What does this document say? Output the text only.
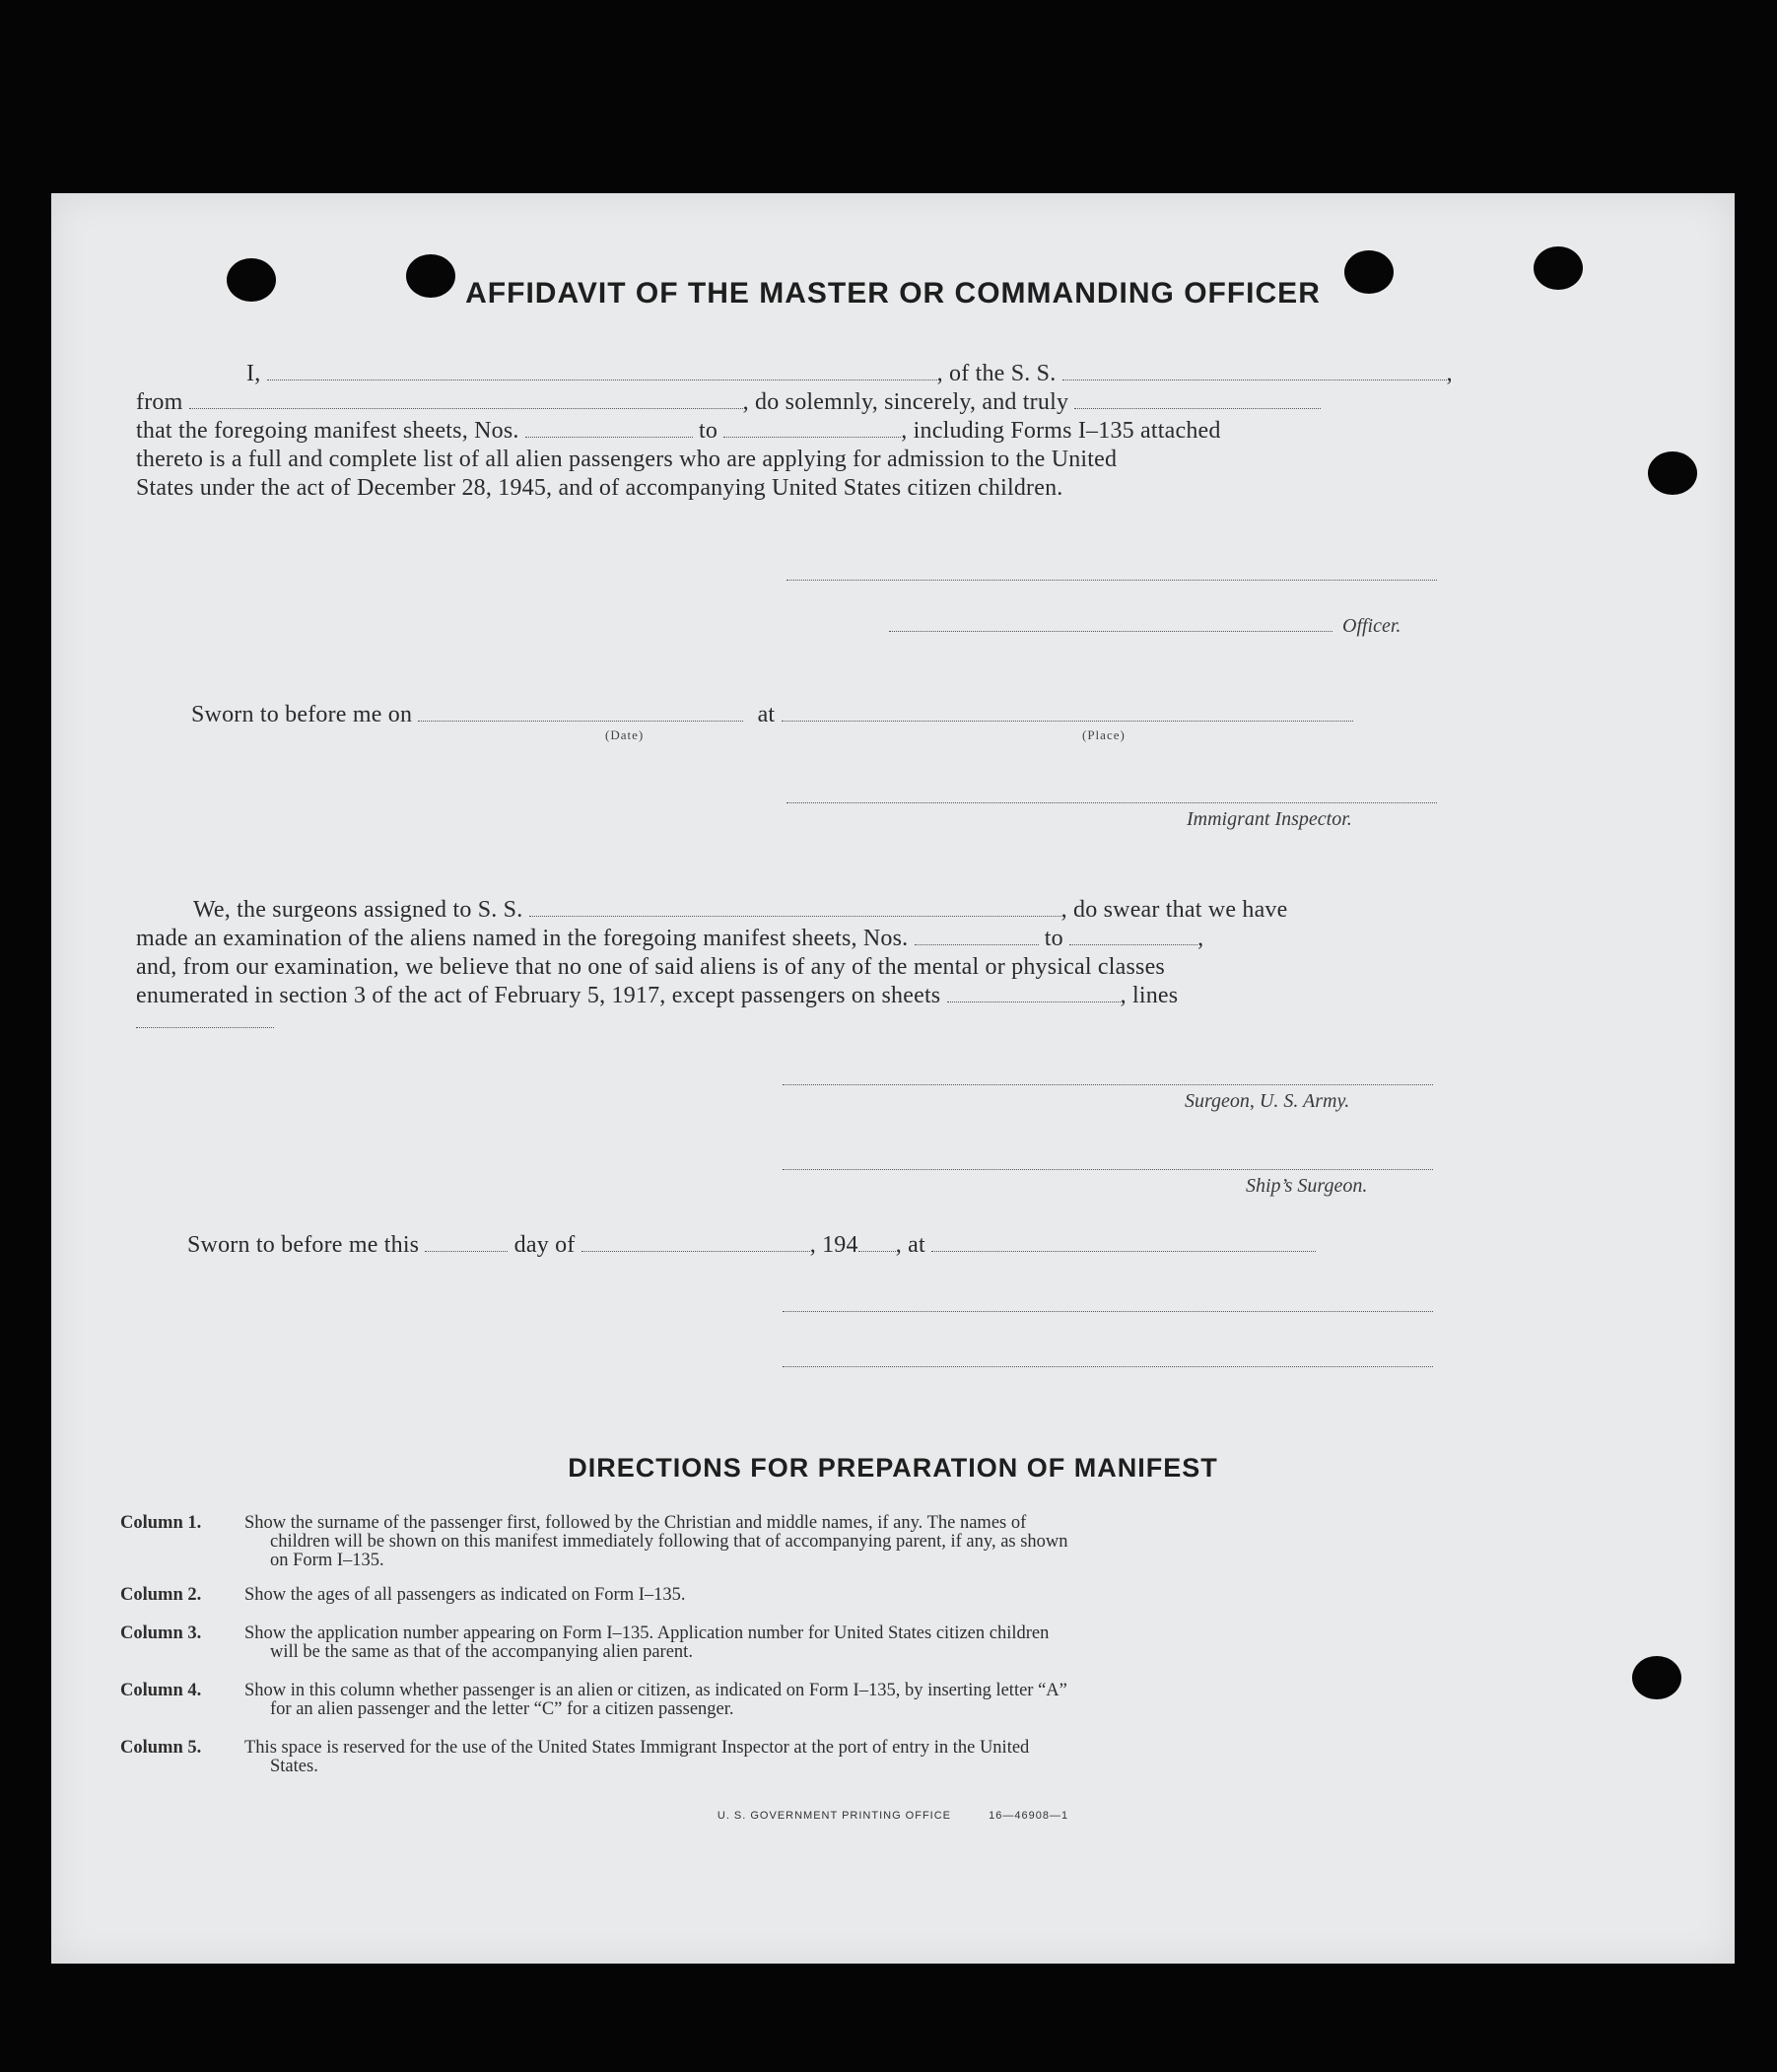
AFFIDAVIT OF THE MASTER OR COMMANDING OFFICER
I,	, of the S. S.	,
from	, do solemnly, sincerely, and truly
that the foregoing manifest sheets, Nos.	to	, including Forms I–135 attached
thereto is a full and complete list of all alien passengers who are applying for admission to the United
States under the act of December 28, 1945, and of accompanying United States citizen children.
Officer.
Sworn to before me on	at
(Date)	(Place)
Immigrant Inspector.
We, the surgeons assigned to S. S.	, do swear that we have
made an examination of the aliens named in the foregoing manifest sheets, Nos.	to	,
and, from our examination, we believe that no one of said aliens is of any of the mental or physical classes
enumerated in section 3 of the act of February 5, 1917, except passengers on sheets	, lines
Surgeon, U. S. Army.
Ship’s Surgeon.
Sworn to before me this	day of	, 194 , at
DIRECTIONS FOR PREPARATION OF MANIFEST
Column 1.	Show the surname of the passenger first, followed by the Christian and middle names, if any. The names of
children will be shown on this manifest immediately following that of accompanying parent, if any, as shown
on Form I–135.
Column 2.	Show the ages of all passengers as indicated on Form I–135.
Column 3.	Show the application number appearing on Form I–135. Application number for United States citizen children
will be the same as that of the accompanying alien parent.
Column 4.	Show in this column whether passenger is an alien or citizen, as indicated on Form I–135, by inserting letter “A”
for an alien passenger and the letter “C” for a citizen passenger.
Column 5.	This space is reserved for the use of the United States Immigrant Inspector at the port of entry in the United
States.
U. S. GOVERNMENT PRINTING OFFICE	16—46908—1
